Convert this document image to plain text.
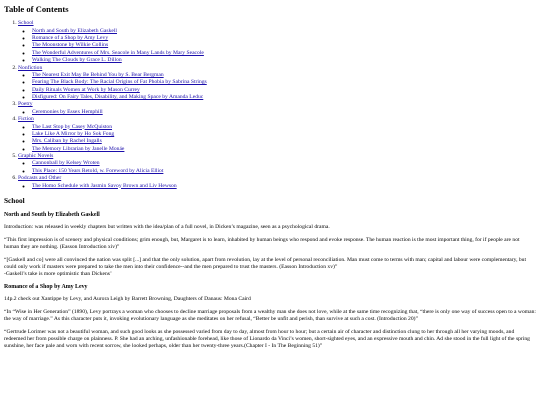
Table of Contents
1. School
◦ North and South by Elizabeth Gaskell
◦ Romance of a Shop by Amy Levy
◦ The Moonstone by Wilkie Collins
◦ The Wonderful Adventures of Mrs. Seacole in Many Lands by Mary Seacole
◦ Walking The Clouds by Grace L. Dillon
2. Nonfiction
◦ The Nearest Exit May Be Behind You by S. Bear Bergman
◦ Fearing The Black Body: The Racial Origins of Fat Phobia by Sabrina Strings
◦ Daily Rituals Women at Work by Mason Currey
◦ Disfigured: On Fairy Tales, Disability, and Making Space by Amanda Leduc
3. Poetry
◦ Ceremonies by Essex Hemphill
4. Fiction
◦ The Last Stop by Casey McQuiston
◦ Lake Like A Mirror by Ho Sok Fong
◦ Mrs. Caliban by Rachel Ingalls
◦ The Memory Librarian by Janelle Monáe
5. Graphic Novels
◦ Cannonball by Kelsey Wroten
◦ This Place: 150 Years Retold, w. Foreword by Alicia Elliot
6. Podcasts and Other
◦ The Homo Schedule with Jasmin Savoy Brown and Liv Hewson
School
North and South by Elizabeth Gaskell

Introduction: was released in weekly chapters but written with the idea/plan of a full novel, in Dicken’s magazine, seen as a psychological drama.

“This first impression is of scenery and physical conditions; grim enough, but, Margaret is to learn, inhabited by human beings who respond and evoke response. The human reaction is the most important thing, for if people are not human they are nothing. (Easson Introduction xiv)”

“[Gaskell and co] were all convinced the nation was split [...] and that the only solution, apart from revolution, lay at the level of personal reconciliation. Man must come to terms with man; capital and labour were complementary, but could only work if masters were prepared to take the men into their confidence--and the men prepared to trust the masters. (Easson Introduction xv)”
-Gaskell’s take is more optimistic than Dickens’
Romance of a Shop by Amy Levy

14p.2 check out Xantippe by Levy, and Aurora Leigh by Barrett Browning, Daughters of Danaus: Mona Caird

“In “Wise in Her Generation” (1890), Levy portrays a woman who chooses to decline marriage proposals from a wealthy man she does not love, while at the same time recognizing that, “there is only one way of success open to a woman: the way of marriage.” As this character puts it, invoking evolutionary language as she meditates on her refusal, “Better be unfit and perish, than survive at such a cost. (Introduction 20)”

“Gertrude Lorimer was not a beautiful woman, and such good looks as she possessed varied from day to day, almost from hour to hour; but a certain air of character and distinction clung to her through all her varying moods, and redeemed her from possible charge on plainness. P. She had an arching, unfashionable forehead, like those of Lionardo da Vinci’s women, short-sighted eyes, and an expressive mouth and chin. Ad she stood in the full light of the spring sunshine, her face pale and worn with recent sorrow, she looked perhaps, older than her twenty-three years.(Chapter I - In The Beginning 51)”
